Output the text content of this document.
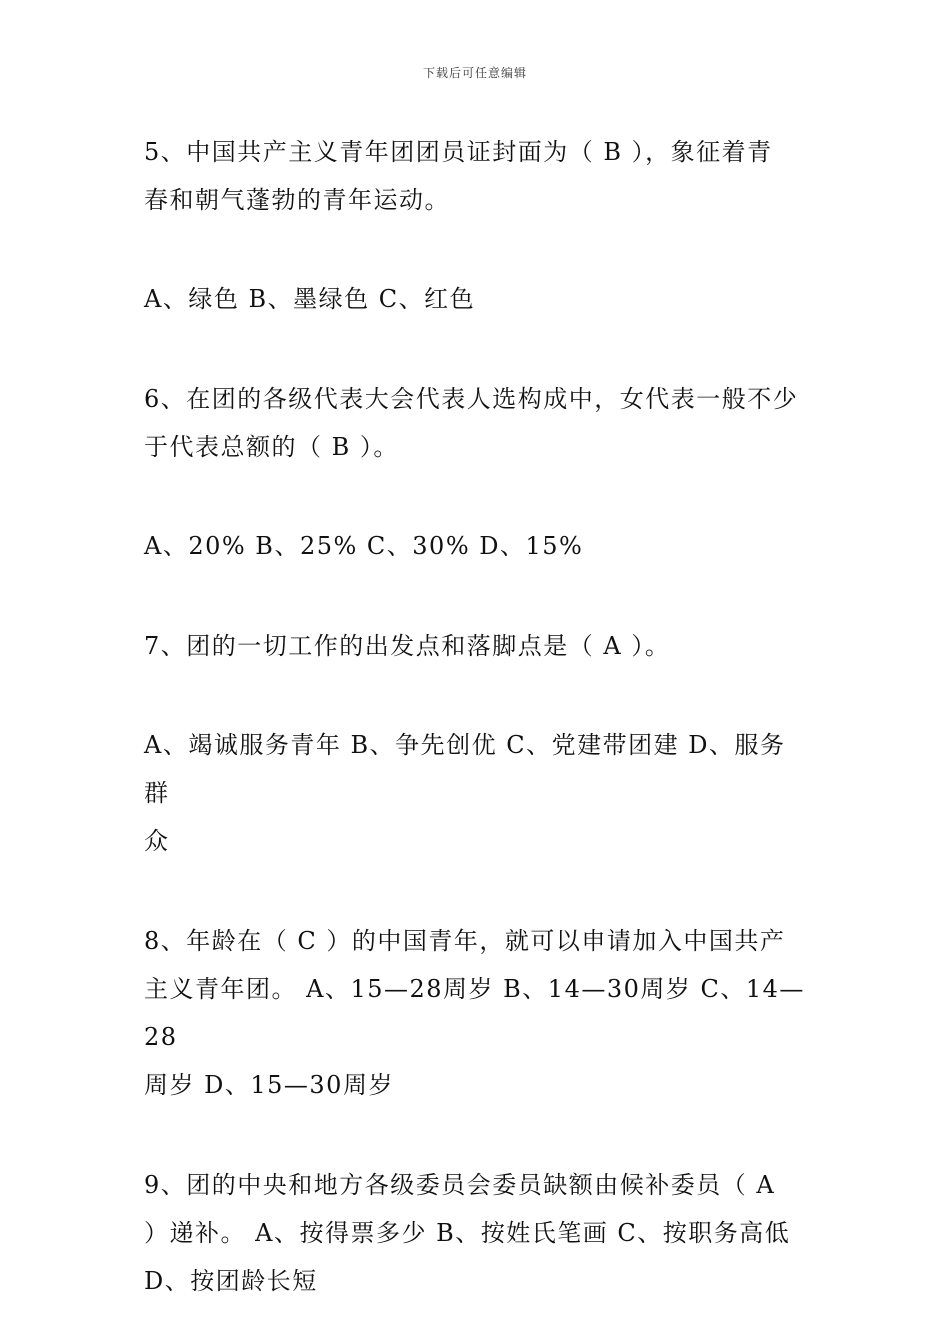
下载后可任意编辑

5、中国共产主义青年团团员证封面为（ B ），象征着青

春和朝气蓬勃的青年运动。

A、绿色 B、墨绿色 C、红色

6、在团的各级代表大会代表人选构成中，女代表一般不少

于代表总额的（ B ）。

A、20% B、25% C、30% D、15%

7、团的一切工作的出发点和落脚点是（ A ）。

A、竭诚服务青年 B、争先创优 C、党建带团建 D、服务群

众

8、年龄在（ C ）的中国青年，就可以申请加入中国共产

主义青年团。 A、15—28周岁 B、14—30周岁 C、14—28

周岁 D、15—30周岁

9、团的中央和地方各级委员会委员缺额由候补委员（ A

）递补。 A、按得票多少 B、按姓氏笔画 C、按职务高低

D、按团龄长短
